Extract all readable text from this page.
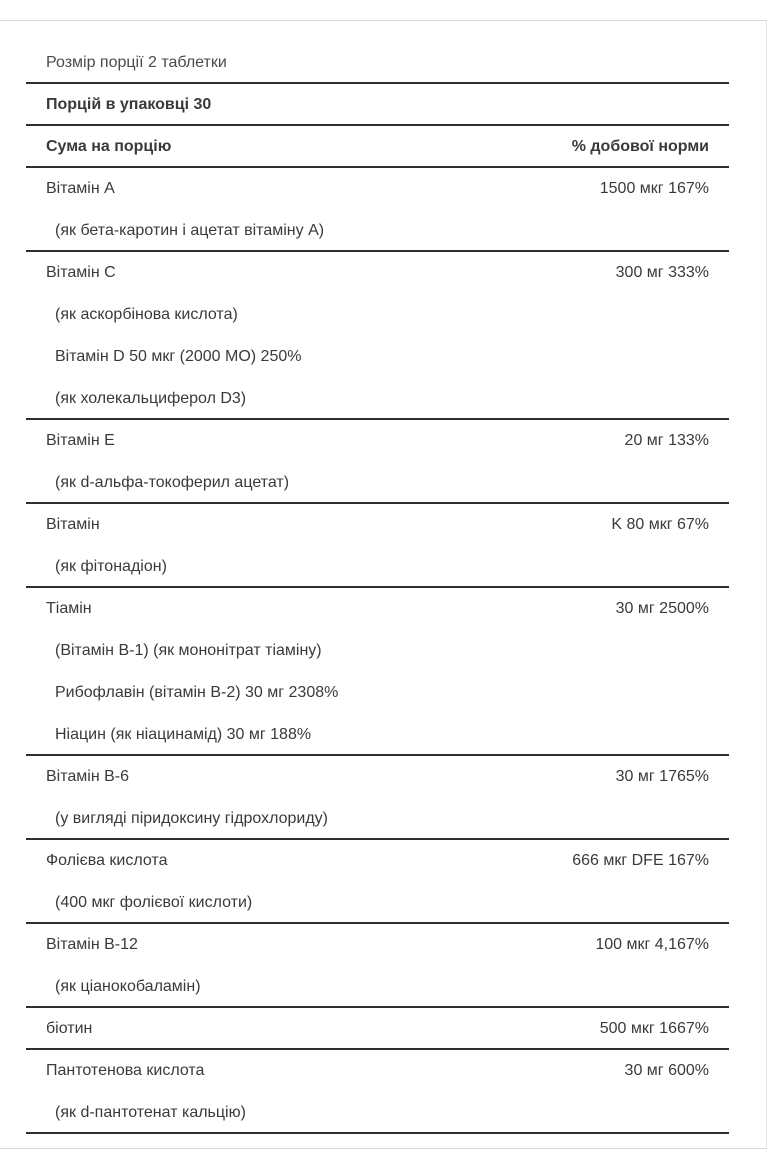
Розмір порції 2 таблетки
Порцій в упаковці 30
Сума на порцію	% добової норми
Вітамін A	1500 мкг 167%
(як бета-каротин і ацетат вітаміну А)
Вітамін С	300 мг 333%
(як аскорбінова кислота)
Вітамін D 50 мкг (2000 МО) 250%
(як холекальциферол D3)
Вітамін Е	20 мг 133%
(як d-альфа-токоферил ацетат)
Вітамін	K 80 мкг 67%
(як фітонадіон)
Тіамін	30 мг 2500%
(Вітамін В-1) (як мононітрат тіаміну)
Рибофлавін (вітамін В-2) 30 мг 2308%
Ніацин (як ніацинамід) 30 мг 188%
Вітамін В-6	30 мг 1765%
(у вигляді піридоксину гідрохлориду)
Фолієва кислота	666 мкг DFE 167%
(400 мкг фолієвої кислоти)
Вітамін В-12	100 мкг 4,167%
(як ціанокобаламін)
біотин	500 мкг 1667%
Пантотенова кислота	30 мг 600%
(як d-пантотенат кальцію)
